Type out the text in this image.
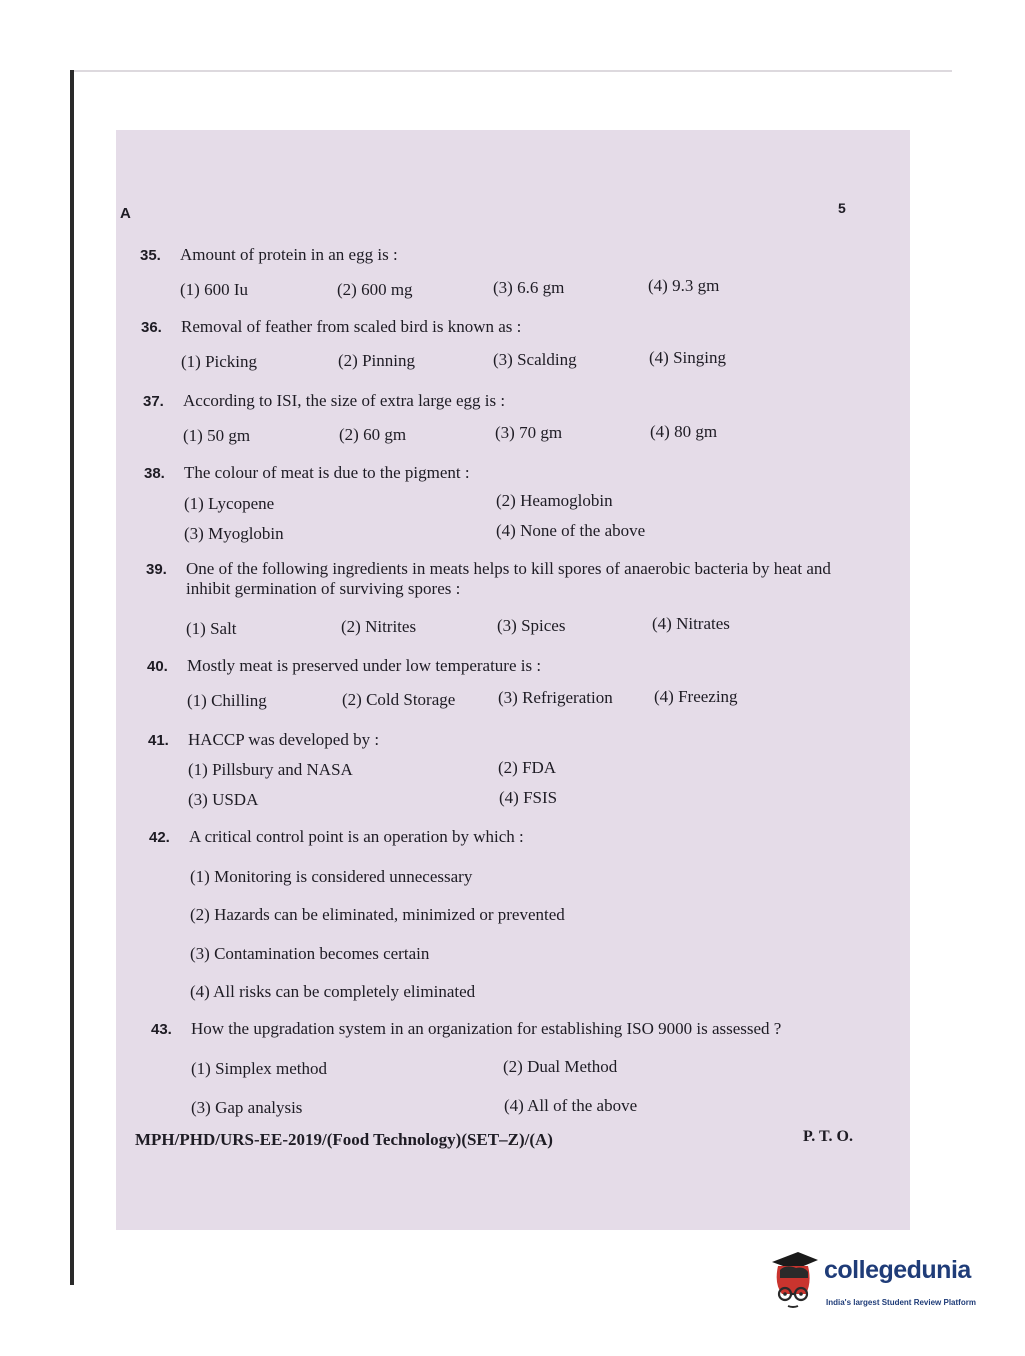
A	5
35. Amount of protein in an egg is :
(1) 600 Iu	(2) 600 mg	(3) 6.6 gm	(4) 9.3 gm
36. Removal of feather from scaled bird is known as :
(1) Picking	(2) Pinning	(3) Scalding	(4) Singing
37. According to ISI, the size of extra large egg is :
(1) 50 gm	(2) 60 gm	(3) 70 gm	(4) 80 gm
38. The colour of meat is due to the pigment :
(1) Lycopene	(2) Heamoglobin
(3) Myoglobin	(4) None of the above
39. One of the following ingredients in meats helps to kill spores of anaerobic bacteria by heat and inhibit germination of surviving spores :
(1) Salt	(2) Nitrites	(3) Spices	(4) Nitrates
40. Mostly meat is preserved under low temperature is :
(1) Chilling	(2) Cold Storage	(3) Refrigeration (4) Freezing
41. HACCP was developed by :
(1) Pillsbury and NASA	(2) FDA
(3) USDA	(4) FSIS
42. A critical control point is an operation by which :
(1) Monitoring is considered unnecessary
(2) Hazards can be eliminated, minimized or prevented
(3) Contamination becomes certain
(4) All risks can be completely eliminated
43. How the upgradation system in an organization for establishing ISO 9000 is assessed ?
(1) Simplex method	(2) Dual Method
(3) Gap analysis	(4) All of the above
MPH/PHD/URS-EE-2019/(Food Technology)(SET–Z)/(A)	P. T. O.
collegedunia
India's largest Student Review Platform
